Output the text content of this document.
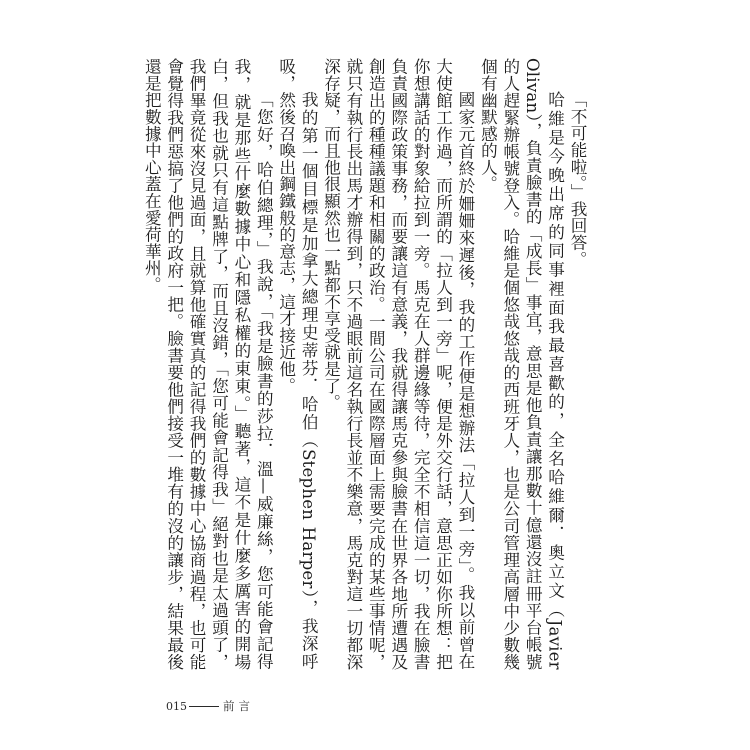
「不可能啦。」我回答。

哈維是今晚出席的同事裡面我最喜歡的，全名哈維爾．奧立文（Javier Olivan），負責臉書的「成長」事宜，意思是他負責讓那數十億還沒註冊平台帳號的人趕緊辦帳號登入。哈維是個悠哉悠哉的西班牙人，也是公司管理高層中少數幾個有幽默感的人。

國家元首終於姍姍來遲後，我的工作便是想辦法「拉人到一旁」。我以前曾在大使館工作過，而所謂的「拉人到一旁」呢，便是外交行話，意思正如你所想：把你想講話的對象給拉到一旁。馬克在人群邊緣等待，完全不相信這一切，我在臉書負責國際政策事務，而要讓這有意義，我就得讓馬克參與臉書在世界各地所遭遇及創造出的種種議題和相關的政治。一間公司在國際層面上需要完成的某些事情呢，就只有執行長出馬才辦得到，只不過眼前這名執行長並不樂意，馬克對這一切都深深存疑，而且他很顯然也一點都不享受就是了。

我的第一個目標是加拿大總理史蒂芬．哈伯（Stephen Harper），我深呼吸，然後召喚出鋼鐵般的意志，這才接近他。

「您好，哈伯總理，」我說，「我是臉書的莎拉．溫—威廉絲，您可能會記得我，就是那些什麼數據中心和隱私權的東東。」聽著，這不是什麼多厲害的開場白，但我也就只有這點牌了，而且沒錯，「您可能會記得我」絕對也是太過頭了，我們畢竟從來沒見過面，且就算他確實真的記得我們的數據中心協商過程，也可能會覺得我們惡搞了他們的政府一把。臉書要他們接受一堆有的沒的讓步，結果最後還是把數據中心蓋在愛荷華州。

015	前言
